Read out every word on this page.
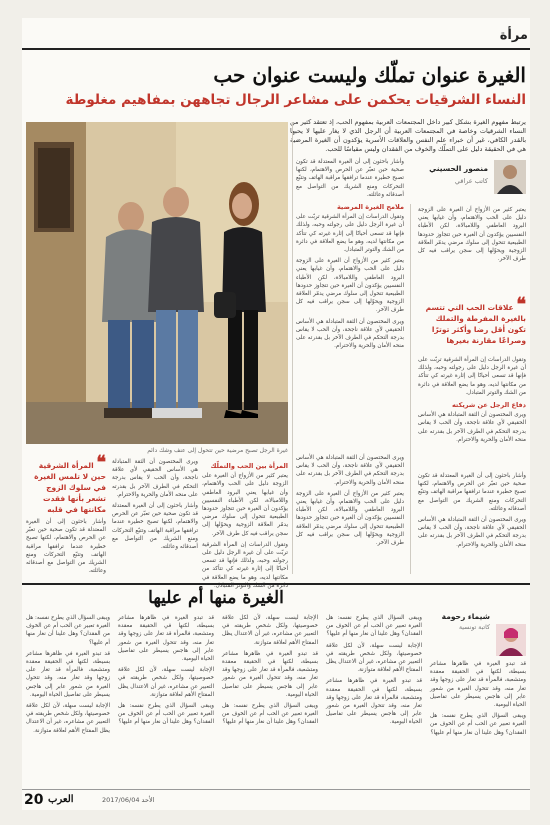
مرأة
الغيرة عنوان تملّك وليست عنوان حب
النساء الشرقيات يحكمن على مشاعر الرجال تجاههن بمفاهيم مغلوطة
يرتبط مفهوم الغيرة بشكل كبير داخل المجتمعات العربية بمفهوم الحب، إذ تعتقد كثير من النساء الشرقيات وخاصة في المجتمعات العربية أن الرجل الذي لا يغار عليها لا يحبها بالقدر الكافي، غير أن خبراء علم النفس والعلاقات الأسرية يؤكدون أن الغيرة المرضية هي في الحقيقة دليل على التملّك والخوف من الفقدان وليس مقياسًا للحب.
غيرة الرجل تصبح مرضية حين تتحول إلى عنف وشك دائم
منصور الحسيني
كاتب عراقي

يعتبر كثير من الأزواج أن الغيرة على الزوجة دليل على الحب والاهتمام، وأن غيابها يعني البرود العاطفي واللامبالاة، لكن الأطباء النفسيين يؤكدون أن الغيرة حين تتجاوز حدودها الطبيعية تتحول إلى سلوك مرضي يدمّر العلاقة الزوجية ويحوّلها إلى سجن يراقب فيه كل طرف الآخر.

❝ علاقات الحب التي تتسم بالغيرة المفرطة والتملك تكون أقل رضا وأكثر توترًا وصراعًا مقارنة بغيرها

وتقول الدراسات إن المرأة الشرقية تربّت على أن غيرة الرجل دليل على رجولته وحبه، ولذلك فإنها قد تسعى أحيانًا إلى إثارة غيرته كي تتأكد من مكانتها لديه، وهو ما يضع العلاقة في دائرة من الشك والتوتر المتبادل.

دفاع الرجل عن شريكته

ويرى المختصون أن الثقة المتبادلة هي الأساس الحقيقي لأي علاقة ناجحة، وأن الحب لا يقاس بدرجة التحكم في الطرف الآخر بل بقدرته على منحه الأمان والحرية والاحترام.

وأشار باحثون إلى أن الغيرة المعتدلة قد تكون صحية حين تعبّر عن الحرص والاهتمام، لكنها تصبح خطيرة عندما ترافقها مراقبة الهاتف وتتبّع التحركات ومنع الشريك من التواصل مع أصدقائه وعائلته.

ملامح الغيرة المرضية

وتقول الدراسات إن المرأة الشرقية تربّت على أن غيرة الرجل دليل على رجولته وحبه، ولذلك فإنها قد تسعى أحيانًا إلى إثارة غيرته كي تتأكد من مكانتها لديه، وهو ما يضع العلاقة في دائرة من الشك والتوتر المتبادل.

يعتبر كثير من الأزواج أن الغيرة على الزوجة دليل على الحب والاهتمام، وأن غيابها يعني البرود العاطفي واللامبالاة، لكن الأطباء النفسيين يؤكدون أن الغيرة حين تتجاوز حدودها الطبيعية تتحول إلى سلوك مرضي يدمّر العلاقة الزوجية ويحوّلها إلى سجن يراقب فيه كل طرف الآخر.

ويرى المختصون أن الثقة المتبادلة هي الأساس الحقيقي لأي علاقة ناجحة، وأن الحب لا يقاس بدرجة التحكم في الطرف الآخر بل بقدرته على منحه الأمان والحرية والاحترام.

❝ المرأة الشرقية حين لا تلمس الغيرة في سلوك الزوج تشعر بأنها فقدت مكانتها في قلبه

ويرى المختصون أن الثقة المتبادلة هي الأساس الحقيقي لأي علاقة ناجحة، وأن الحب لا يقاس بدرجة التحكم في الطرف الآخر بل بقدرته على منحه الأمان والحرية والاحترام.

وأشار باحثون إلى أن الغيرة المعتدلة قد تكون صحية حين تعبّر عن الحرص والاهتمام، لكنها تصبح خطيرة عندما ترافقها مراقبة الهاتف وتتبّع التحركات ومنع الشريك من التواصل مع أصدقائه وعائلته.

المرأة بين الحب والتملّك

يعتبر كثير من الأزواج أن الغيرة على الزوجة دليل على الحب والاهتمام، وأن غيابها يعني البرود العاطفي واللامبالاة، لكن الأطباء النفسيين يؤكدون أن الغيرة حين تتجاوز حدودها الطبيعية تتحول إلى سلوك مرضي يدمّر العلاقة الزوجية ويحوّلها إلى سجن يراقب فيه كل طرف الآخر.

وتقول الدراسات إن المرأة الشرقية تربّت على أن غيرة الرجل دليل على رجولته وحبه، ولذلك فإنها قد تسعى أحيانًا إلى إثارة غيرته كي تتأكد من مكانتها لديه، وهو ما يضع العلاقة في دائرة من الشك والتوتر المتبادل.

وأشار باحثون إلى أن الغيرة المعتدلة قد تكون صحية حين تعبّر عن الحرص والاهتمام، لكنها تصبح خطيرة عندما ترافقها مراقبة الهاتف وتتبّع التحركات ومنع الشريك من التواصل مع أصدقائه وعائلته.

ويرى المختصون أن الثقة المتبادلة هي الأساس الحقيقي لأي علاقة ناجحة، وأن الحب لا يقاس بدرجة التحكم في الطرف الآخر بل بقدرته على منحه الأمان والحرية والاحترام.

يعتبر كثير من الأزواج أن الغيرة على الزوجة دليل على الحب والاهتمام، وأن غيابها يعني البرود العاطفي واللامبالاة، لكن الأطباء النفسيين يؤكدون أن الغيرة حين تتجاوز حدودها الطبيعية تتحول إلى سلوك مرضي يدمّر العلاقة الزوجية ويحوّلها إلى سجن يراقب فيه كل طرف الآخر.

وأشار باحثون إلى أن الغيرة المعتدلة قد تكون صحية حين تعبّر عن الحرص والاهتمام، لكنها تصبح خطيرة عندما ترافقها مراقبة الهاتف وتتبّع التحركات ومنع الشريك من التواصل مع أصدقائه وعائلته.

ويرى المختصون أن الثقة المتبادلة هي الأساس الحقيقي لأي علاقة ناجحة، وأن الحب لا يقاس بدرجة التحكم في الطرف الآخر بل بقدرته على منحه الأمان والحرية والاحترام.

الغيرة منها أم عليها
شيماء رحومة
كاتبة تونسية

قد تبدو الغيرة في ظاهرها مشاعر بسيطة، لكنها في الحقيقة معقدة ومتشعبة، فالمرأة قد تغار على زوجها وقد تغار منه، وقد تتحول الغيرة من شعور عابر إلى هاجس يسيطر على تفاصيل الحياة اليومية.

ويبقى السؤال الذي يطرح نفسه: هل الغيرة تعبير عن الحب أم عن الخوف من الفقدان؟ وهل علينا أن نغار منها أم عليها؟

ويبقى السؤال الذي يطرح نفسه: هل الغيرة تعبير عن الحب أم عن الخوف من الفقدان؟ وهل علينا أن نغار منها أم عليها؟

الإجابة ليست سهلة، لأن لكل علاقة خصوصيتها، ولكل شخص طريقته في التعبير عن مشاعره، غير أن الاعتدال يظل المفتاح الأهم لعلاقة متوازنة.

قد تبدو الغيرة في ظاهرها مشاعر بسيطة، لكنها في الحقيقة معقدة ومتشعبة، فالمرأة قد تغار على زوجها وقد تغار منه، وقد تتحول الغيرة من شعور عابر إلى هاجس يسيطر على تفاصيل الحياة اليومية.

الإجابة ليست سهلة، لأن لكل علاقة خصوصيتها، ولكل شخص طريقته في التعبير عن مشاعره، غير أن الاعتدال يظل المفتاح الأهم لعلاقة متوازنة.

قد تبدو الغيرة في ظاهرها مشاعر بسيطة، لكنها في الحقيقة معقدة ومتشعبة، فالمرأة قد تغار على زوجها وقد تغار منه، وقد تتحول الغيرة من شعور عابر إلى هاجس يسيطر على تفاصيل الحياة اليومية.

ويبقى السؤال الذي يطرح نفسه: هل الغيرة تعبير عن الحب أم عن الخوف من الفقدان؟ وهل علينا أن نغار منها أم عليها؟

قد تبدو الغيرة في ظاهرها مشاعر بسيطة، لكنها في الحقيقة معقدة ومتشعبة، فالمرأة قد تغار على زوجها وقد تغار منه، وقد تتحول الغيرة من شعور عابر إلى هاجس يسيطر على تفاصيل الحياة اليومية.

الإجابة ليست سهلة، لأن لكل علاقة خصوصيتها، ولكل شخص طريقته في التعبير عن مشاعره، غير أن الاعتدال يظل المفتاح الأهم لعلاقة متوازنة.

ويبقى السؤال الذي يطرح نفسه: هل الغيرة تعبير عن الحب أم عن الخوف من الفقدان؟ وهل علينا أن نغار منها أم عليها؟

ويبقى السؤال الذي يطرح نفسه: هل الغيرة تعبير عن الحب أم عن الخوف من الفقدان؟ وهل علينا أن نغار منها أم عليها؟

قد تبدو الغيرة في ظاهرها مشاعر بسيطة، لكنها في الحقيقة معقدة ومتشعبة، فالمرأة قد تغار على زوجها وقد تغار منه، وقد تتحول الغيرة من شعور عابر إلى هاجس يسيطر على تفاصيل الحياة اليومية.

الإجابة ليست سهلة، لأن لكل علاقة خصوصيتها، ولكل شخص طريقته في التعبير عن مشاعره، غير أن الاعتدال يظل المفتاح الأهم لعلاقة متوازنة.

20 العرب	الأحد 2017/06/04
